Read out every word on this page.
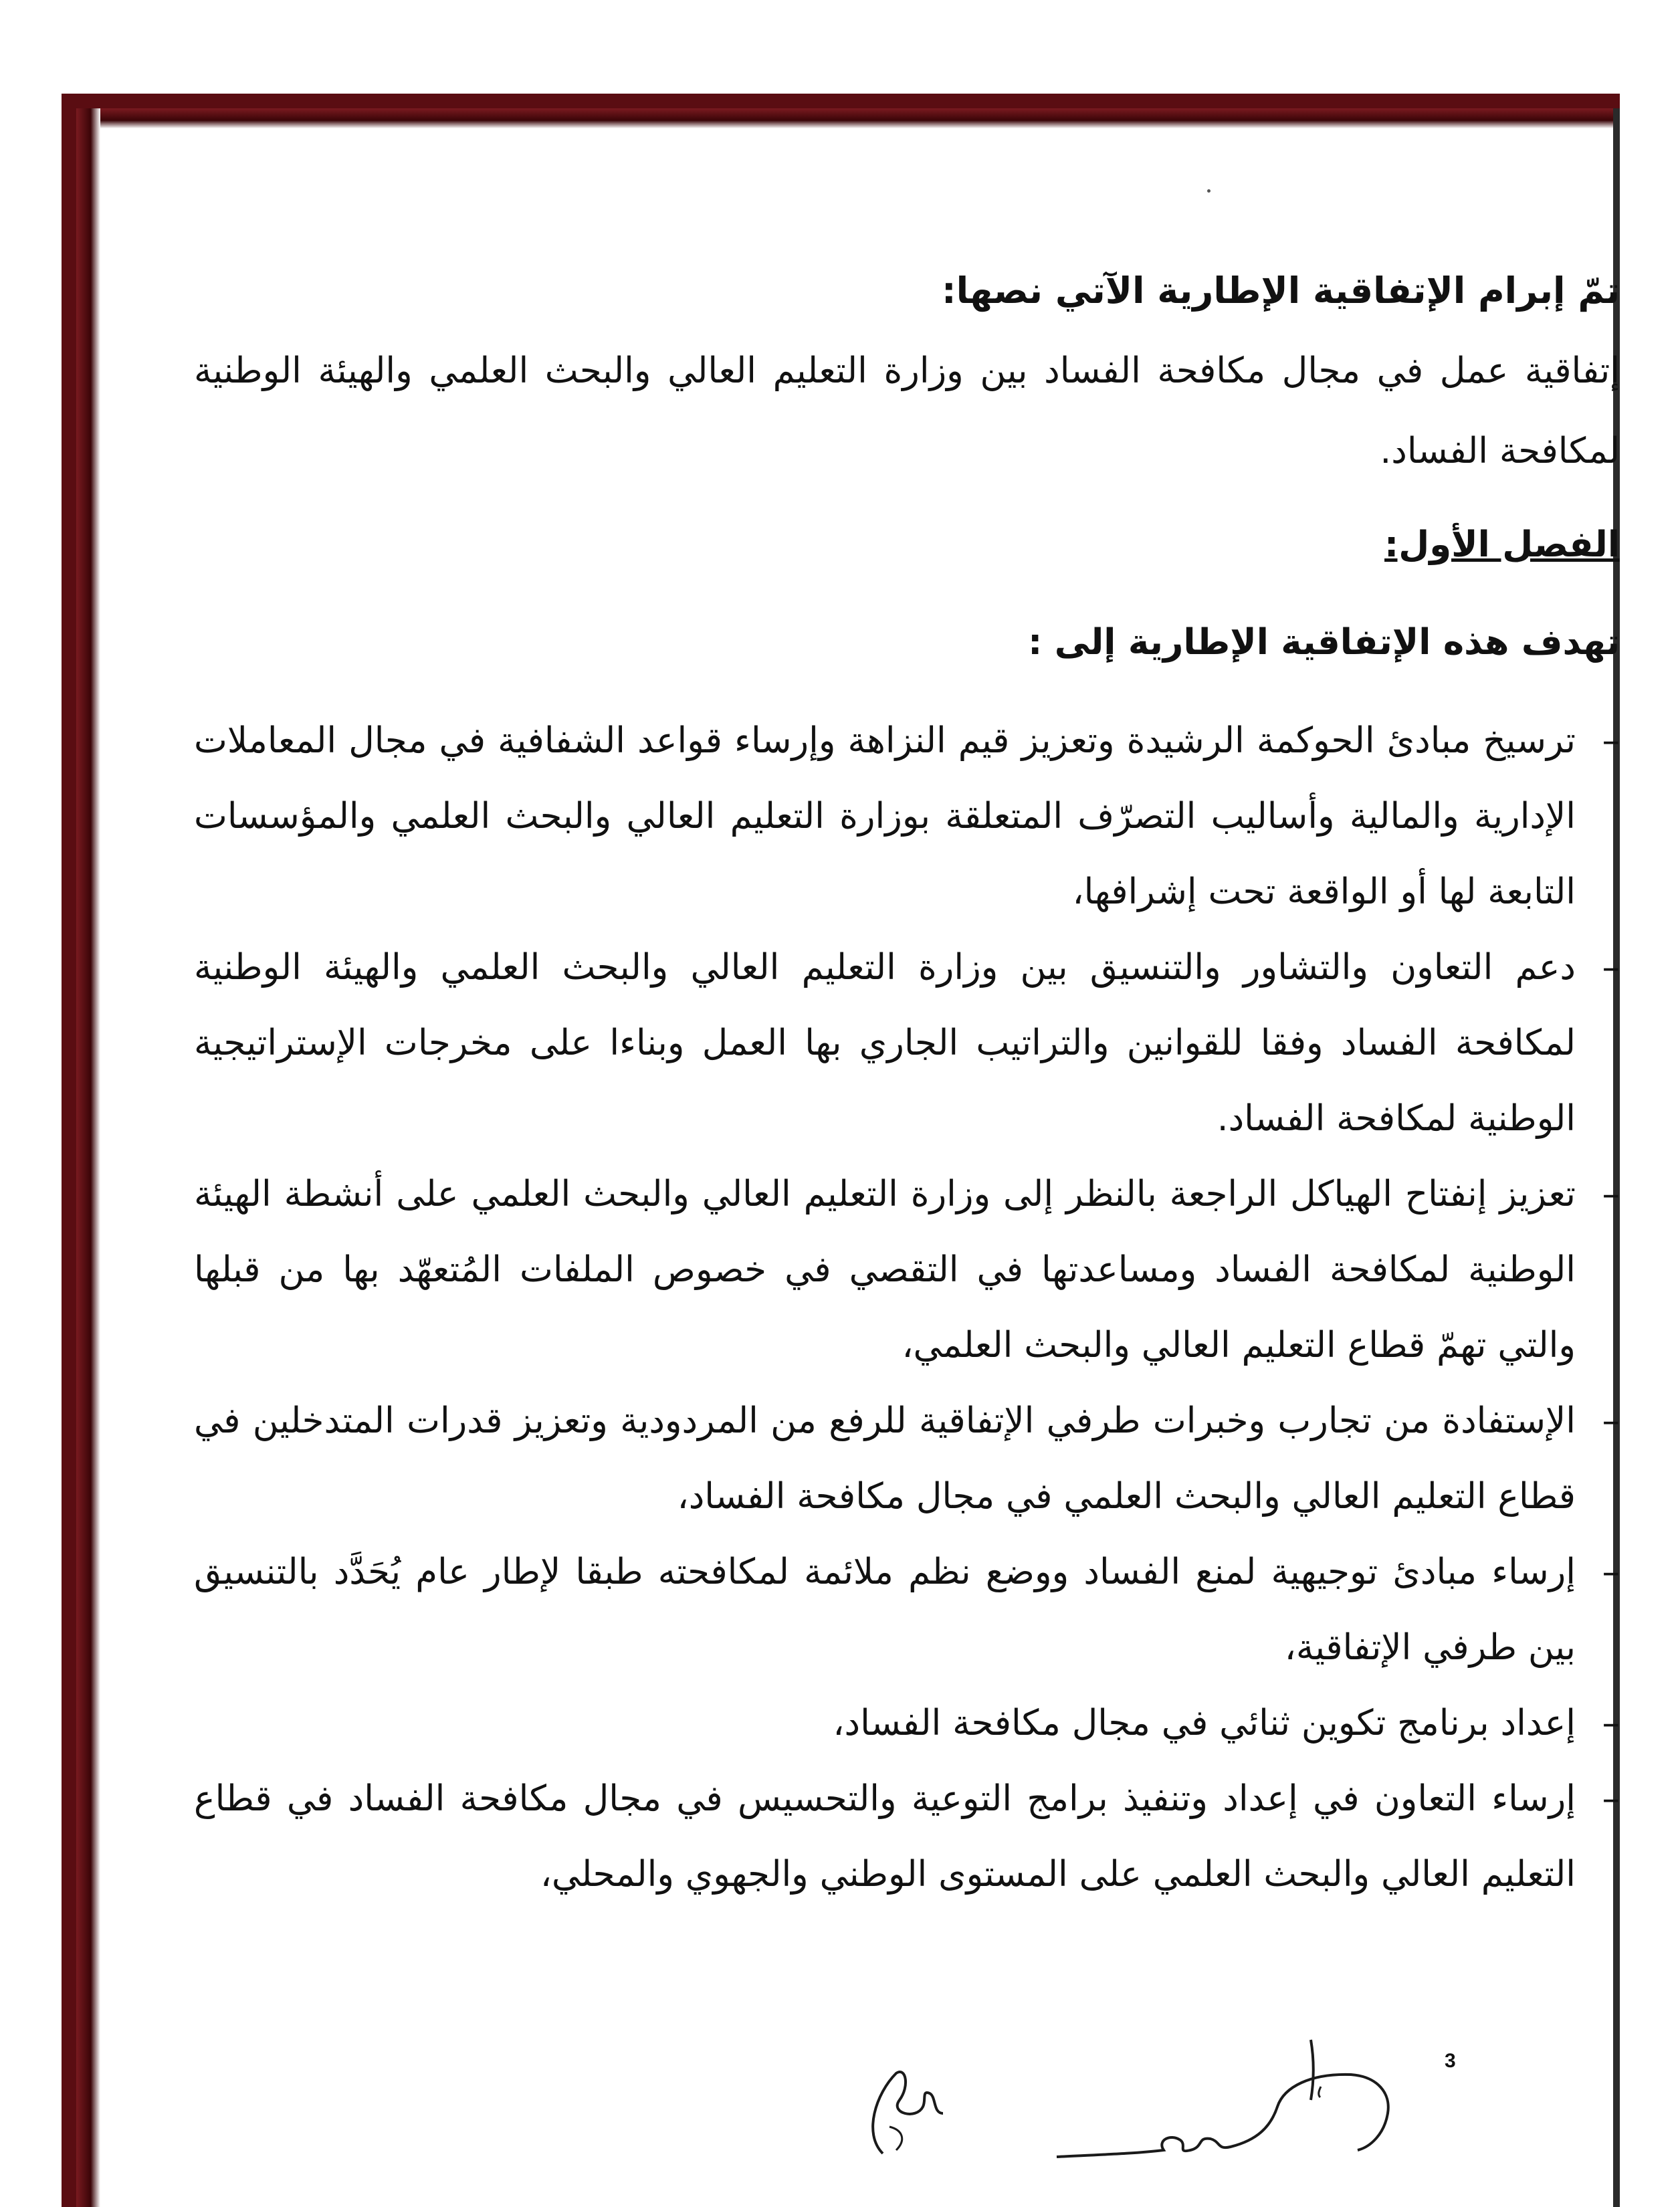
تمّ إبرام الإتفاقية الإطارية الآتي نصها:

إتفاقية عمل في مجال مكافحة الفساد بين وزارة التعليم العالي والبحث العلمي والهيئة الوطنية لمكافحة الفساد.

الفصل الأول:

تهدف هذه الإتفاقية الإطارية إلى :

–
ترسيخ مبادئ الحوكمة الرشيدة وتعزيز قيم النزاهة وإرساء قواعد الشفافية في مجال المعاملات الإدارية والمالية وأساليب التصرّف المتعلقة بوزارة التعليم العالي والبحث العلمي والمؤسسات التابعة لها أو الواقعة تحت إشرافها،
–
دعم التعاون والتشاور والتنسيق بين وزارة التعليم العالي والبحث العلمي والهيئة الوطنية لمكافحة الفساد وفقا للقوانين والتراتيب الجاري بها العمل وبناءا على مخرجات الإستراتيجية الوطنية لمكافحة الفساد.
–
تعزيز إنفتاح الهياكل الراجعة بالنظر إلى وزارة التعليم العالي والبحث العلمي على أنشطة الهيئة الوطنية لمكافحة الفساد ومساعدتها في التقصي في خصوص الملفات المُتعهّد بها من قبلها والتي تهمّ قطاع التعليم العالي والبحث العلمي،
–
الإستفادة من تجارب وخبرات طرفي الإتفاقية للرفع من المردودية وتعزيز قدرات المتدخلين في قطاع التعليم العالي والبحث العلمي في مجال مكافحة الفساد،
–
إرساء مبادئ توجيهية لمنع الفساد ووضع نظم ملائمة لمكافحته طبقا لإطار عام يُحَدَّد بالتنسيق بين طرفي الإتفاقية،
–
إعداد برنامج تكوين ثنائي في مجال مكافحة الفساد،
–
إرساء التعاون في إعداد وتنفيذ برامج التوعية والتحسيس في مجال مكافحة الفساد في قطاع التعليم العالي والبحث العلمي على المستوى الوطني والجهوي والمحلي،
3
